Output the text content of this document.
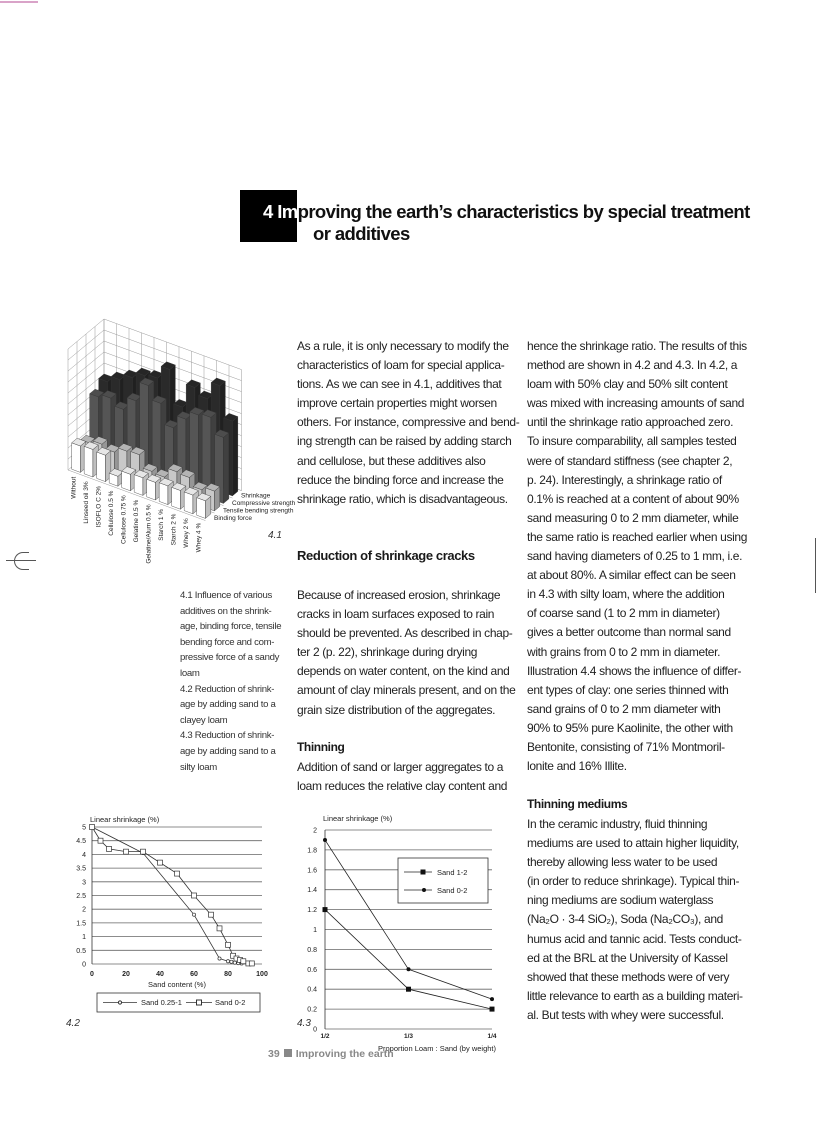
4 Improving the earth’s characteristics by special treatment
or additives
Without Linseed oil 3% ISOFLO C 2% Cellulose 0.5 % Cellulose 0.75 % Gelatine 0.5 % Gelatine/Alum 0.5 % Starch 1 % Starch 2 % Whey 2 % Whey 4 %
Binding force
Tensile bending strength
Compressive strength
Shrinkage
4.1
4.1 Influence of various
additives on the shrink-
age, binding force, tensile
bending force and com-
pressive force of a sandy
loam
4.2 Reduction of shrink-
age by adding sand to a
clayey loam
4.3 Reduction of shrink-
age by adding sand to a
silty loam
As a rule, it is only necessary to modify the
characteristics of loam for special applica-
tions. As we can see in 4.1, additives that
improve certain properties might worsen
others. For instance, compressive and bend-
ing strength can be raised by adding starch
and cellulose, but these additives also
reduce the binding force and increase the
shrinkage ratio, which is disadvantageous.
Reduction of shrinkage cracks
Because of increased erosion, shrinkage
cracks in loam surfaces exposed to rain
should be prevented. As described in chap-
ter 2 (p. 22), shrinkage during drying
depends on water content, on the kind and
amount of clay minerals present, and on the
grain size distribution of the aggregates.
Thinning
Addition of sand or larger aggregates to a
loam reduces the relative clay content and
hence the shrinkage ratio. The results of this
method are shown in 4.2 and 4.3. In 4.2, a
loam with 50% clay and 50% silt content
was mixed with increasing amounts of sand
until the shrinkage ratio approached zero.
To insure comparability, all samples tested
were of standard stiffness (see chapter 2,
p. 24). Interestingly, a shrinkage ratio of
0.1% is reached at a content of about 90%
sand measuring 0 to 2 mm diameter, while
the same ratio is reached earlier when using
sand having diameters of 0.25 to 1 mm, i.e.
at about 80%. A similar effect can be seen
in 4.3 with silty loam, where the addition
of coarse sand (1 to 2 mm in diameter)
gives a better outcome than normal sand
with grains from 0 to 2 mm in diameter.
Illustration 4.4 shows the influence of differ-
ent types of clay: one series thinned with
sand grains of 0 to 2 mm diameter with
90% to 95% pure Kaolinite, the other with
Bentonite, consisting of 71% Montmoril-
lonite and 16% Illite.
Thinning mediums
In the ceramic industry, fluid thinning
mediums are used to attain higher liquidity,
thereby allowing less water to be used
(in order to reduce shrinkage). Typical thin-
ning mediums are sodium waterglass
(Na₂O · 3-4 SiO₂), Soda (Na₂CO₃), and
humus acid and tannic acid. Tests conduct-
ed at the BRL at the University of Kassel
showed that these methods were of very
little relevance to earth as a building materi-
al. But tests with whey were successful.
Linear shrinkage (%)
0
0.5
1
1.5
2
2.5
3
3.5
4
4.5
5
0	20	40	60	80	100
Sand content (%)
Sand 0.25-1	Sand 0-2
4.2
Linear shrinkage (%)
0
0.2
0.4
0.6
0.8
1
1.2
1.4
1.6
1.8
2
1/2	1/3	1/4
Proportion Loam : Sand (by weight)
Sand 1-2
Sand 0-2
4.3
39 Improving the earth
